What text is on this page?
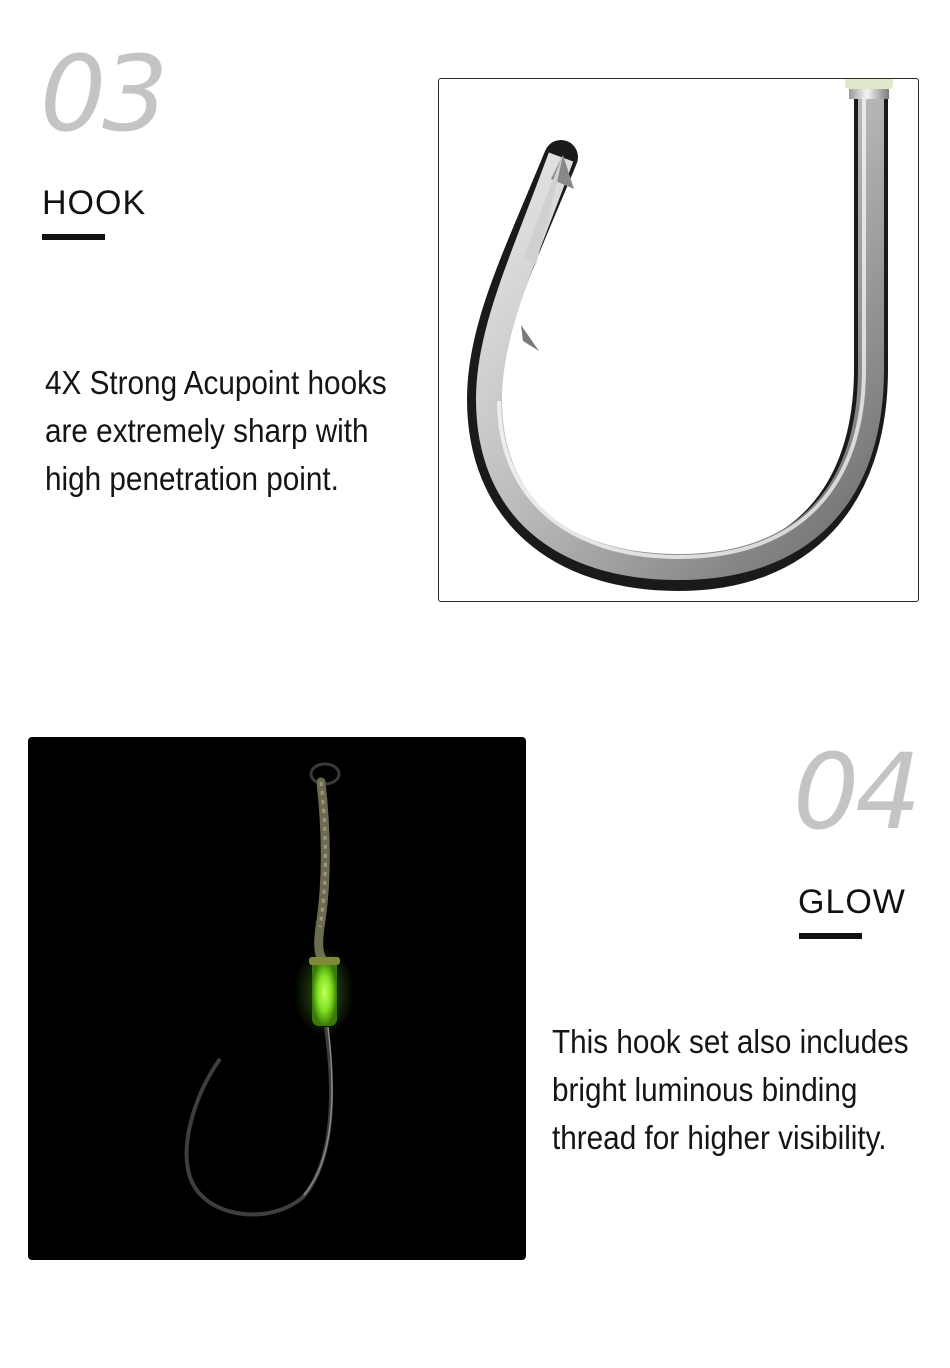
03
HOOK
4X Strong Acupoint hooks
are extremely sharp with
high penetration point.
04
GLOW
This hook set also includes
bright luminous binding
thread for higher visibility.
